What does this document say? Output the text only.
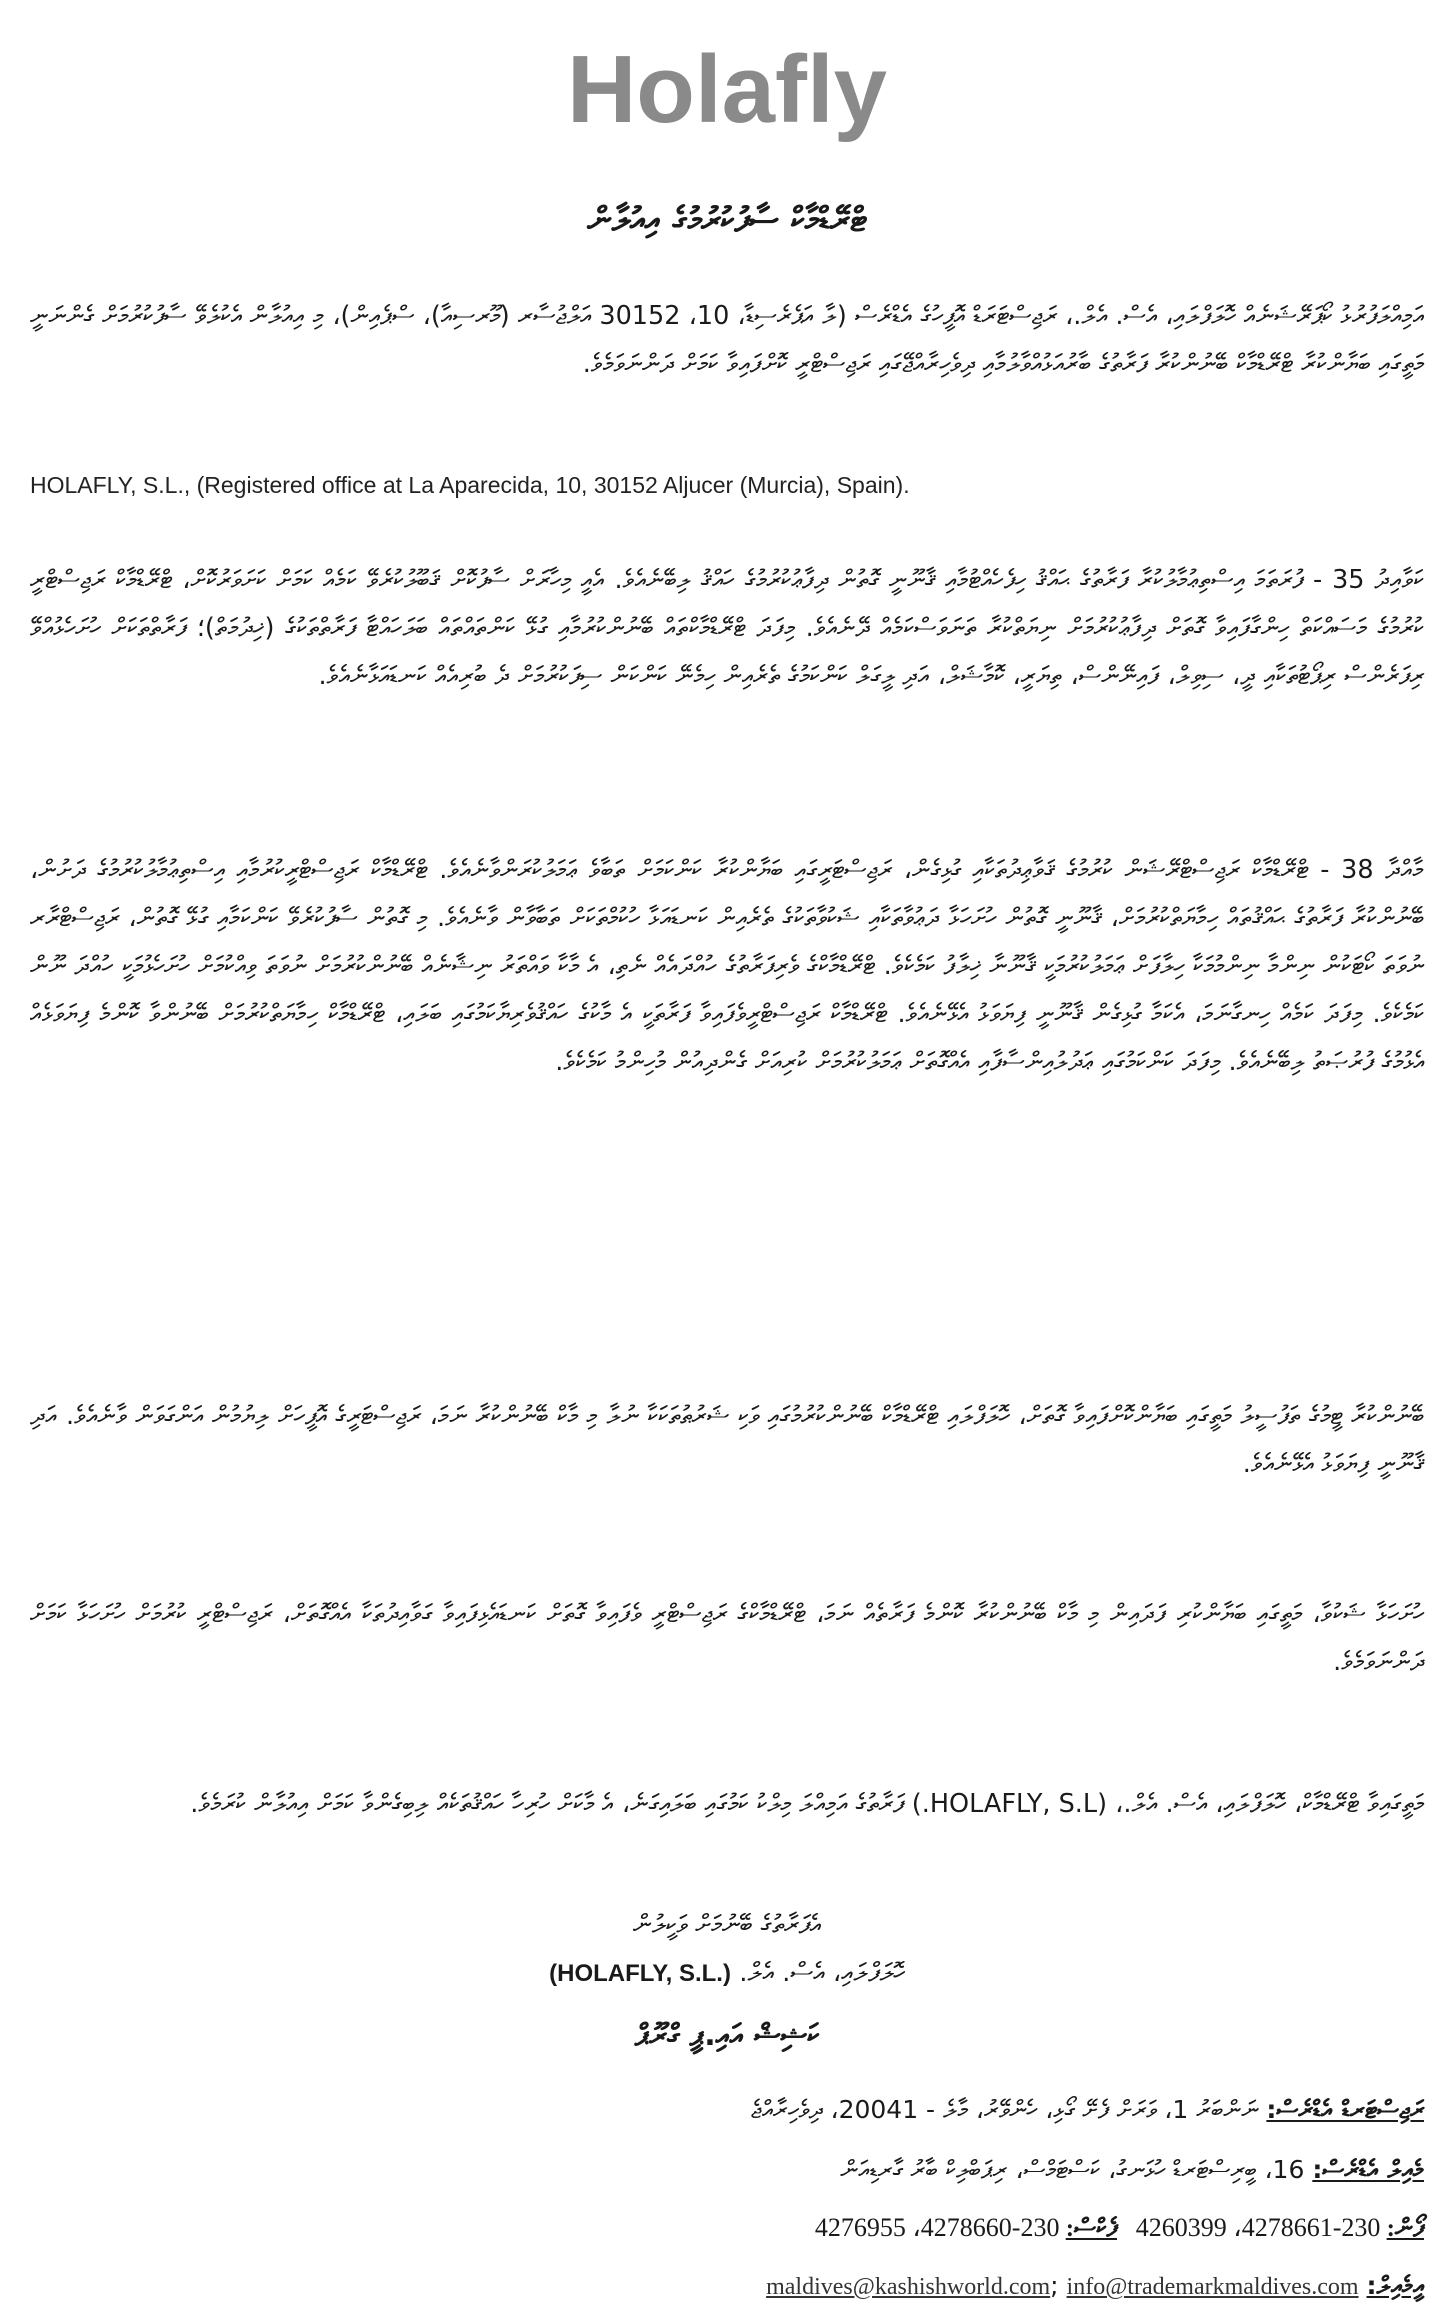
Holafly
ޓްރޭޑްމާކް ސާފުކުރުމުގެ އިއުލާން
އަމިއްލަފުރުޅު ކޯޕަރޭޝަނެއް ހޮލަފްލައި، އެސް. އެލް.، ރަޖިސްޓަރަޑް އޮފީހުގެ އެޑްރެސް (ލާ އަޕެރެސިޑާ، 10، 30152 އަލްޖުސާރ (މޫރސިއާ)، ސްޕެއިން)، މި އިއުލާން އެކުލެވޭ ސާފުކުރުމަށް ގެންނަނީ މަތީގައި ބަޔާންކުރާ ޓްރޭޑްމާކް ބޭނުންކުރާ ފަރާތުގެ ބާރުއަޅުއްވާލުމާއި ދިވެހިރާއްޖޭގައި ރަޖިސްޓްރީ ކޮށްފައިވާ ކަމަށް ދަންނަވަމެވެ.
HOLAFLY, S.L., (Registered office at La Aparecida, 10, 30152 Aljucer (Murcia), Spain).
ކަވާއިދު 35 - ފުރަތަމަ އިސްތިޢުމާލުކުރާ ފަރާތުގެ ޙައްޤު ހިފެހެއްޓުމާއި ޤާނޫނީ ގޮތުން ދިފާޢުކުރުމުގެ ހައްޤު ލިބޭނެއެވެ. އެއީ މިހާރަށް ސާފުކޮށް ޤަބޫލުކުރެވޭ ކަމެއް ކަމަށް ކަށަވަރުކޮށް، ޓްރޭޑްމާކް ރަޖިސްޓްރީ ކުރުމުގެ މަސައްކަތް ހިންގާފައިވާ ގޮތަށް ދިފާޢުކުރުމަށް ނިޔަތްކުރާ ތަނަވަސްކަމެއް ދޭނެއެވެ. މިފަދަ ޓްރޭޑްމާކްތައް ބޭނުންކުރުމާއި ގުޅޭ ކަންތައްތައް ބަލަހައްޓާ ފަރާތްތަކުގެ (ޚިދުމަތް)؛ ފަރާތްތަކަށް ހުށަހެޅުއްވޭ ރިފަރެންސް ރިޕޯޓުތަކާއި ދީ، ސިވިލް، ފައިނޭންސް، ތިޔަރީ، ކޮމާޝަލް، އަދި ލީގަލް ކަންކަމުގެ ތެރެއިން ހިމެނޭ ކަންކަން ސިފަކުރުމަށް ދެ ބުރިއެއް ކަނޑައަޅާނެއެވެ.
މާއްދާ 38 - ޓްރޭޑްމާކް ރަޖިސްޓްރޭޝަން ކުރުމުގެ ޤަވާޢިދުތަކާއި ގުޅިގެން، ރަޖިސްޓަރީގައި ބަޔާންކުރާ ކަންކަމަށް ތަބާވެ ޢަމަލުކުރަންވާނެއެވެ. ޓްރޭޑްމާކް ރަޖިސްޓްރީކުރުމާއި އިސްތިޢުމާލުކުރުމުގެ ދަށުން، ބޭނުންކުރާ ފަރާތުގެ ޙައްޤުތައް ހިމާޔަތްކުރުމަށް، ޤާނޫނީ ގޮތުން ހުށަހަޅާ ދަޢުވާތަކާއި ޝަކުވާތަކުގެ ތެރެއިން ކަނޑައަޅާ ހުކުމްތަކަށް ތަބާވާން ވާނެއެވެ. މި ގޮތުން ސާފުކުރެވޭ ކަންކަމާއި ގުޅޭ ގޮތުން، ރަޖިސްޓްރާރ ނުވަތަ ކޯޓަކުން ނިންމާ ނިންމުމަކާ ހިލާފަށް ޢަމަލުކުރުމަކީ ޤާނޫނާ ޚިލާފު ކަމެކެވެ. ޓްރޭޑްމާކްގެ ވެރިފަރާތުގެ ހުއްދައެއް ނެތި، އެ މާކާ ވައްތަރު ނިޝާނެއް ބޭނުންކުރުމަށް ނުވަތަ ވިއްކުމަށް ހުށަހެޅުމަކީ ހުއްދަ ނޫން ކަމެކެވެ. މިފަދަ ކަމެއް ހިނގާނަމަ، އެކަމާ ގުޅިގެން ޤާނޫނީ ފިޔަވަޅު އެޅޭނެއެވެ. ޓްރޭޑްމާކް ރަޖިސްޓްރީވެފައިވާ ފަރާތަކީ އެ މާކުގެ ހައްޤުވެރިޔާކަމުގައި ބަލައި، ޓްރޭޑްމާކް ހިމާޔަތްކުރުމަށް ބޭނުންވާ ކޮންމެ ފިޔަވަޅެއް އެޅުމުގެ ފުރުޞަތު ލިބޭނެއެވެ. މިފަދަ ކަންކަމުގައި ޢަދުލުއިންސާފާއި އެއްގޮތަށް ޢަމަލުކުރުމަށް ކުރިއަށް ގެންދިއުން މުހިންމު ކަމެކެވެ.
ބޭނުންކުރާ ޓީމުގެ ތަފުސީލު މަތީގައި ބަޔާންކޮށްފައިވާ ގޮތަށް، ހޮލަފްލައި ޓްރޭޑްމާކް ބޭނުންކުރުމުގައި ވަކި ޝަރުޠުތަކަކާ ނުލާ މި މާކް ބޭނުންކުރާ ނަމަ، ރަޖިސްޓަރީގެ އޮފީހަށް ލިޔުމުން އަންގަވަން ވާނެއެވެ. އަދި ޤާނޫނީ ފިޔަވަޅު އެޅޭނެއެވެ.
ހުށަހަޅާ ޝަކުވާ، މަތީގައި ބަޔާންކުރި ފަދައިން މި މާކް ބޭނުންކުރާ ކޮންމެ ފަރާތެއް ނަމަ، ޓްރޭޑްމާކްގެ ރަޖިސްޓްރީ ވެފައިވާ ގޮތަށް ކަނޑައެޅިފައިވާ ގަވާއިދުތަކާ އެއްގޮތަށް، ރަޖިސްޓްރީ ކުރުމަށް ހުށަހަޅާ ކަމަށް ދަންނަވަމެވެ.
މަތީގައިވާ ޓްރޭޑްމާކް، ހޮލަފްލައި، އެސް. އެލް.، (HOLAFLY, S.L.) ފަރާތުގެ އަމިއްލަ މިލްކު ކަމުގައި ބަލައިގަނެ، އެ މާކަށް ހުރިހާ ހައްޤުތަކެއް ލިބިގެންވާ ކަމަށް އިއުލާން ކުރަމެވެ.
އެފަރާތުގެ ބޭނުމަށް ވަކީލުން
ހޮލަފްލައި، އެސް. އެލް. (HOLAFLY, S.L.)
ކަޝިޝް އައި.ޕީ ގްރޫޕް
ރަޖިސްޓަރޑް އެޑްރެސް: ނަންބަރު 1، ވަރަށް ފެށޭ ގޯޅި، ހެންވޭރު، މާލެ - 20041، ދިވެހިރާއްޖެ
މެއިލް އެޑްރެސް: 16، ބީރިސްޓަރޑް ހުޅަނގު، ކަސްޓަމްސް، ރިޕަބްލިކް ބާރު ގާރޑިއަން
ފޯން: 230-4278661، 4260399   ފެކްސް: 230-4278660، 4276955
އީމެއިލް: maldives@kashishworld.com; info@trademarkmaldives.com
